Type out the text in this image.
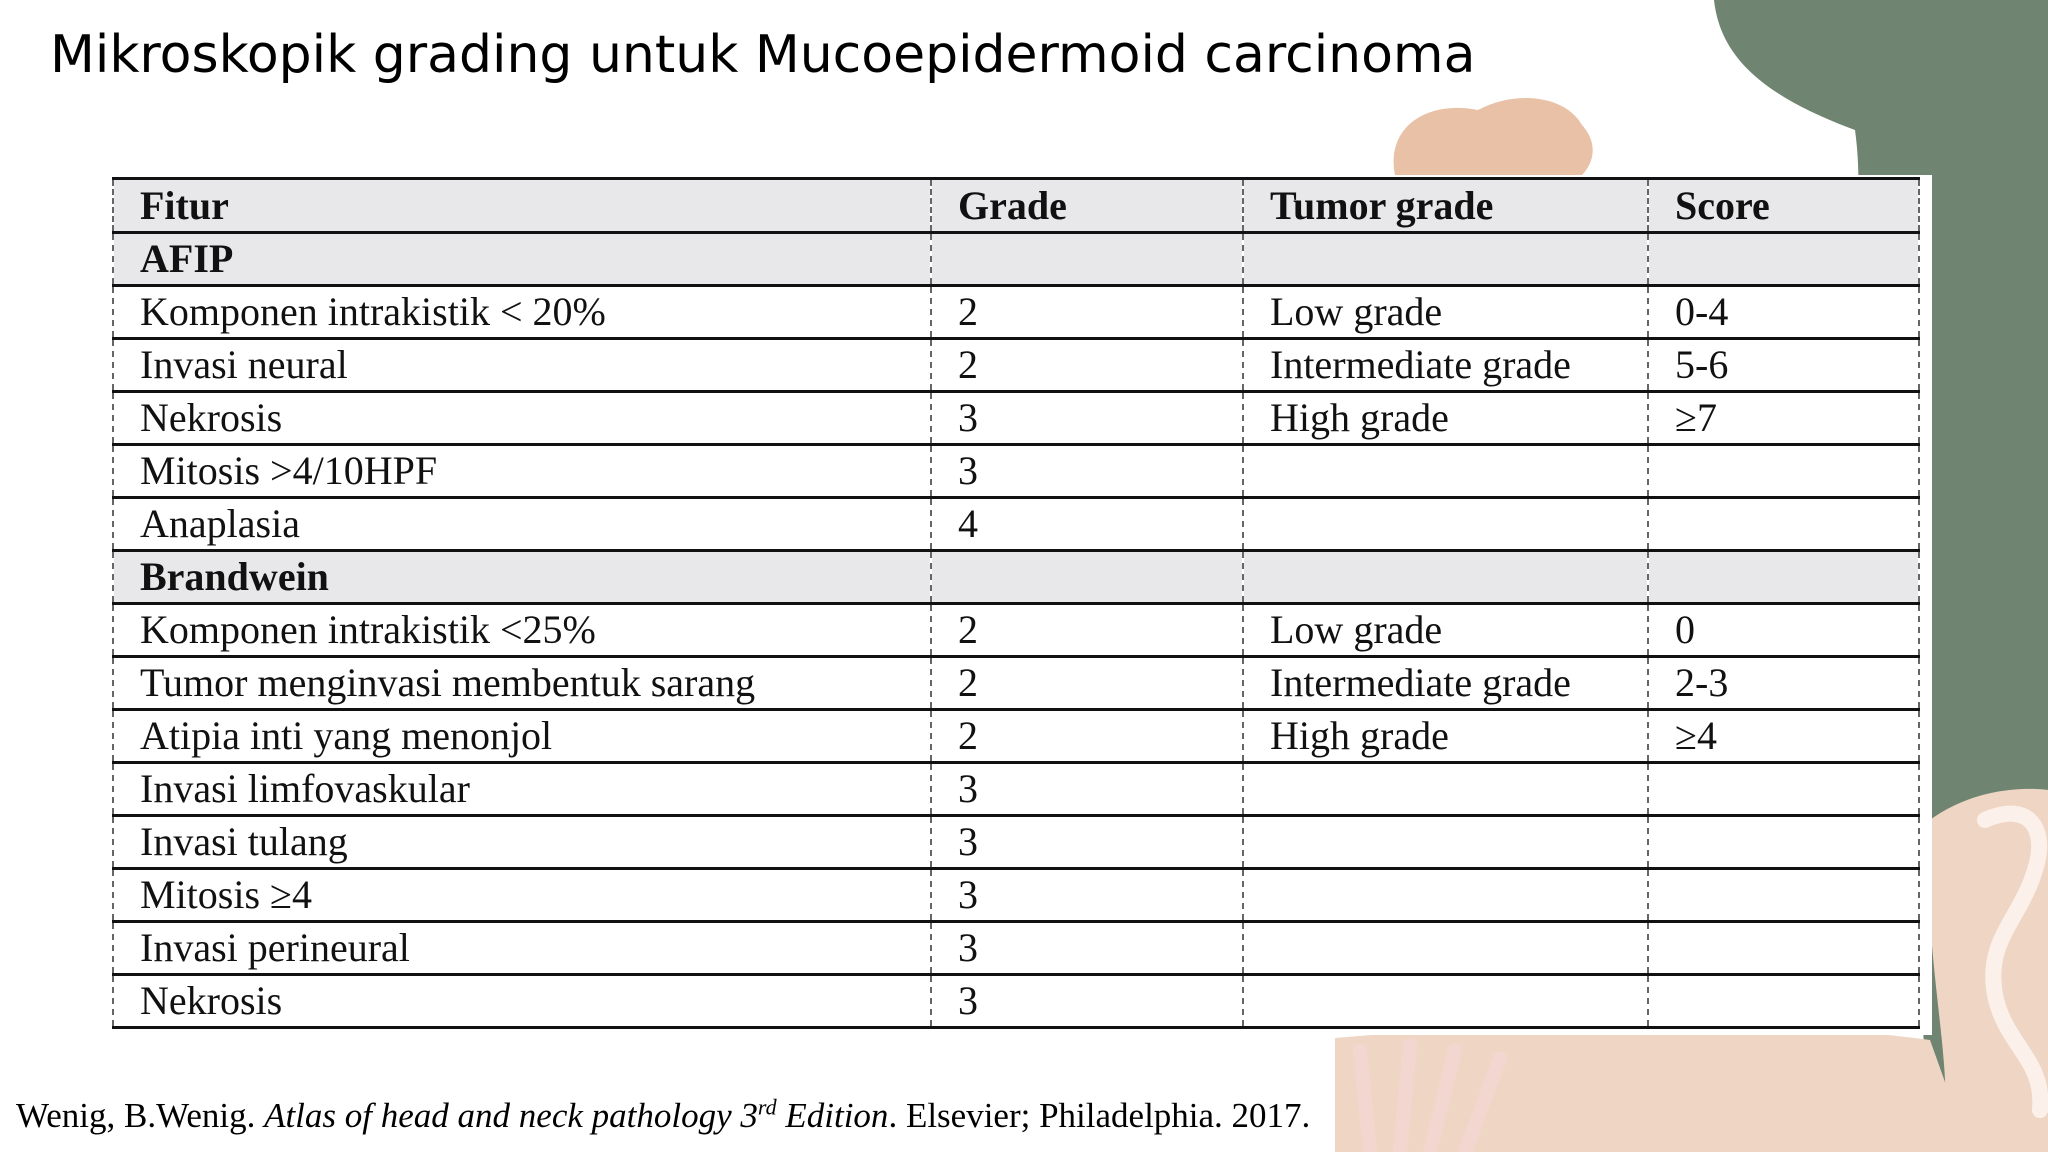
Mikroskopik grading untuk Mucoepidermoid carcinoma
Fitur	Grade	Tumor grade	Score
AFIP			
Komponen intrakistik < 20%	2	Low grade	0-4
Invasi neural	2	Intermediate grade	5-6
Nekrosis	3	High grade	≥7
Mitosis >4/10HPF	3		
Anaplasia	4		
Brandwein			
Komponen intrakistik <25%	2	Low grade	0
Tumor menginvasi membentuk sarang	2	Intermediate grade	2-3
Atipia inti yang menonjol	2	High grade	≥4
Invasi limfovaskular	3		
Invasi tulang	3		
Mitosis ≥4	3		
Invasi perineural	3		
Nekrosis	3		

Wenig, B.Wenig. Atlas of head and neck pathology 3rd Edition. Elsevier; Philadelphia. 2017.
